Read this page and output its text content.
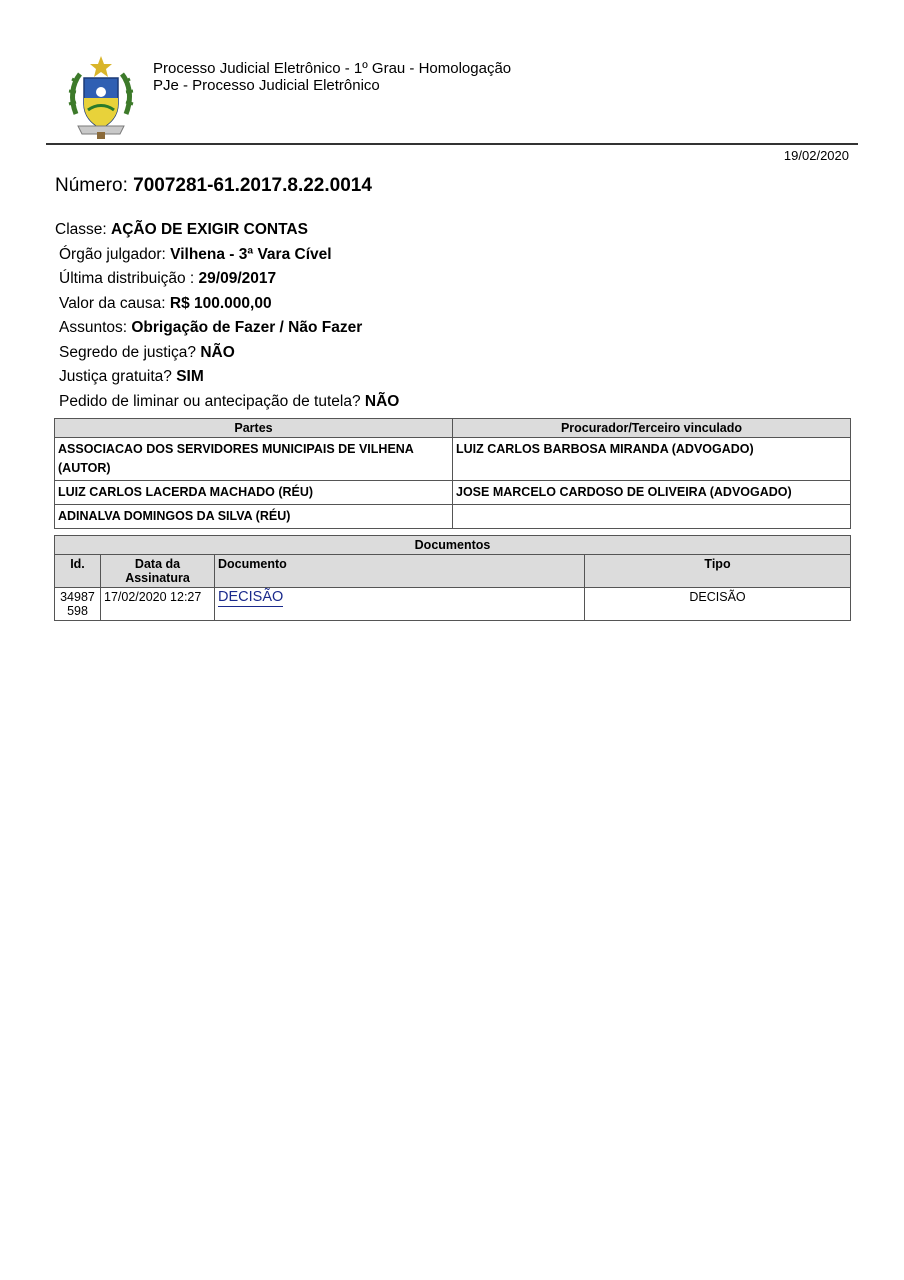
Processo Judicial Eletrônico - 1º Grau - Homologação
PJe - Processo Judicial Eletrônico
19/02/2020
Número: 7007281-61.2017.8.22.0014
Classe: AÇÃO DE EXIGIR CONTAS
Órgão julgador: Vilhena - 3ª Vara Cível
Última distribuição : 29/09/2017
Valor da causa: R$ 100.000,00
Assuntos: Obrigação de Fazer / Não Fazer
Segredo de justiça? NÃO
Justiça gratuita? SIM
Pedido de liminar ou antecipação de tutela? NÃO
Partes	Procurador/Terceiro vinculado
ASSOCIACAO DOS SERVIDORES MUNICIPAIS DE VILHENA (AUTOR)	LUIZ CARLOS BARBOSA MIRANDA (ADVOGADO)
LUIZ CARLOS LACERDA MACHADO (RÉU)	JOSE MARCELO CARDOSO DE OLIVEIRA (ADVOGADO)
ADINALVA DOMINGOS DA SILVA (RÉU)	
Documentos			
Id.	Data da Assinatura	Documento	Tipo
34987 598	17/02/2020 12:27	DECISÃO	DECISÃO
